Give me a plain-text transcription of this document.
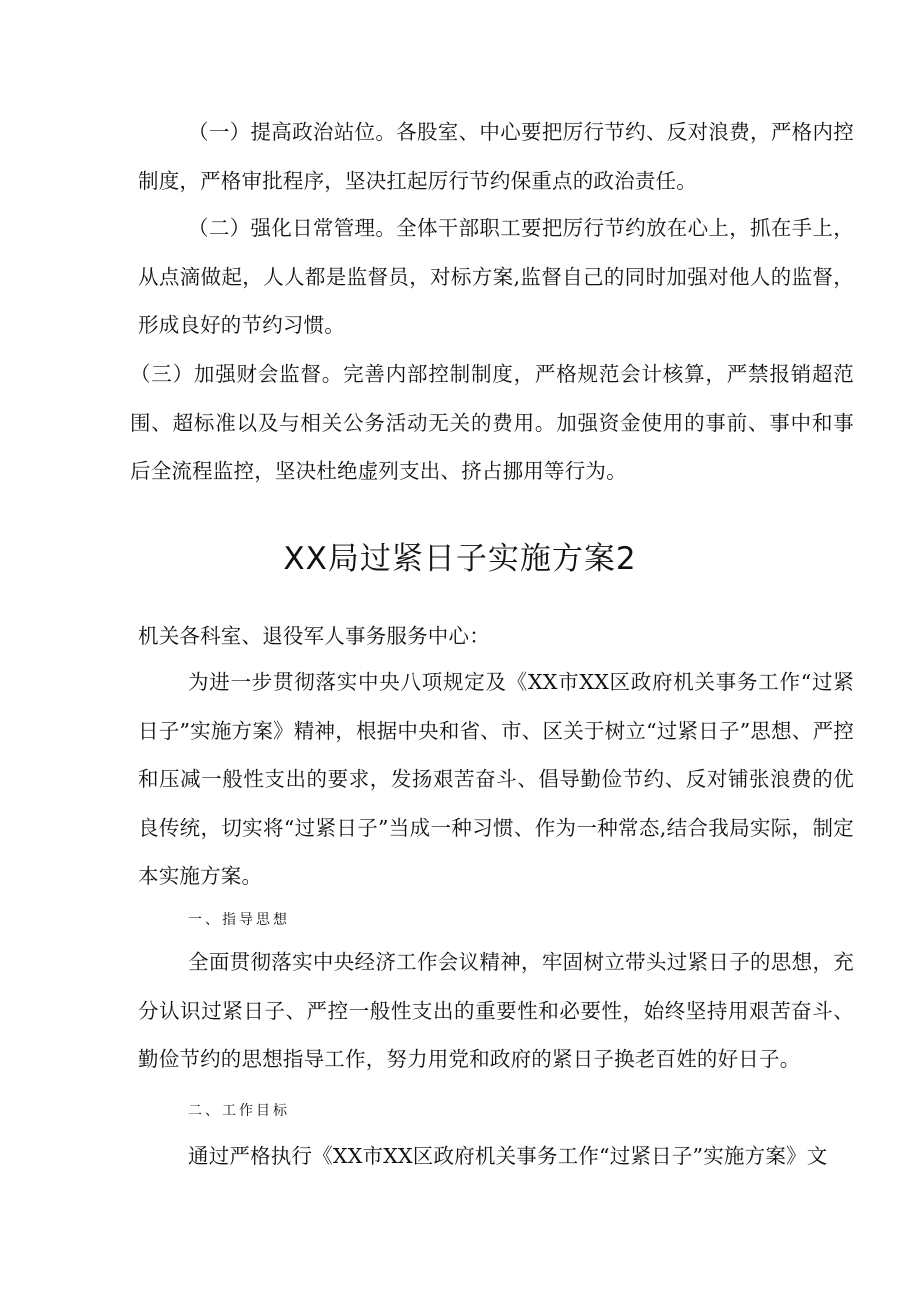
（一）提高政治站位。各股室、中心要把厉行节约、反对浪费，严格内控制度，严格审批程序，坚决扛起厉行节约保重点的政治责任。

（二）强化日常管理。全体干部职工要把厉行节约放在心上，抓在手上，从点滴做起，人人都是监督员，对标方案,监督自己的同时加强对他人的监督，形成良好的节约习惯。

（三）加强财会监督。完善内部控制制度，严格规范会计核算，严禁报销超范围、超标准以及与相关公务活动无关的费用。加强资金使用的事前、事中和事后全流程监控，坚决杜绝虚列支出、挤占挪用等行为。

XX局过紧日子实施方案2

机关各科室、退役军人事务服务中心：

为进一步贯彻落实中央八项规定及《XX市XX区政府机关事务工作“过紧日子”实施方案》精神，根据中央和省、市、区关于树立“过紧日子”思想、严控和压减一般性支出的要求，发扬艰苦奋斗、倡导勤俭节约、反对铺张浪费的优良传统，切实将“过紧日子”当成一种习惯、作为一种常态,结合我局实际，制定本实施方案。

一、指导思想

全面贯彻落实中央经济工作会议精神，牢固树立带头过紧日子的思想，充分认识过紧日子、严控一般性支出的重要性和必要性，始终坚持用艰苦奋斗、勤俭节约的思想指导工作，努力用党和政府的紧日子换老百姓的好日子。

二、工作目标

通过严格执行《XX市XX区政府机关事务工作“过紧日子”实施方案》文
